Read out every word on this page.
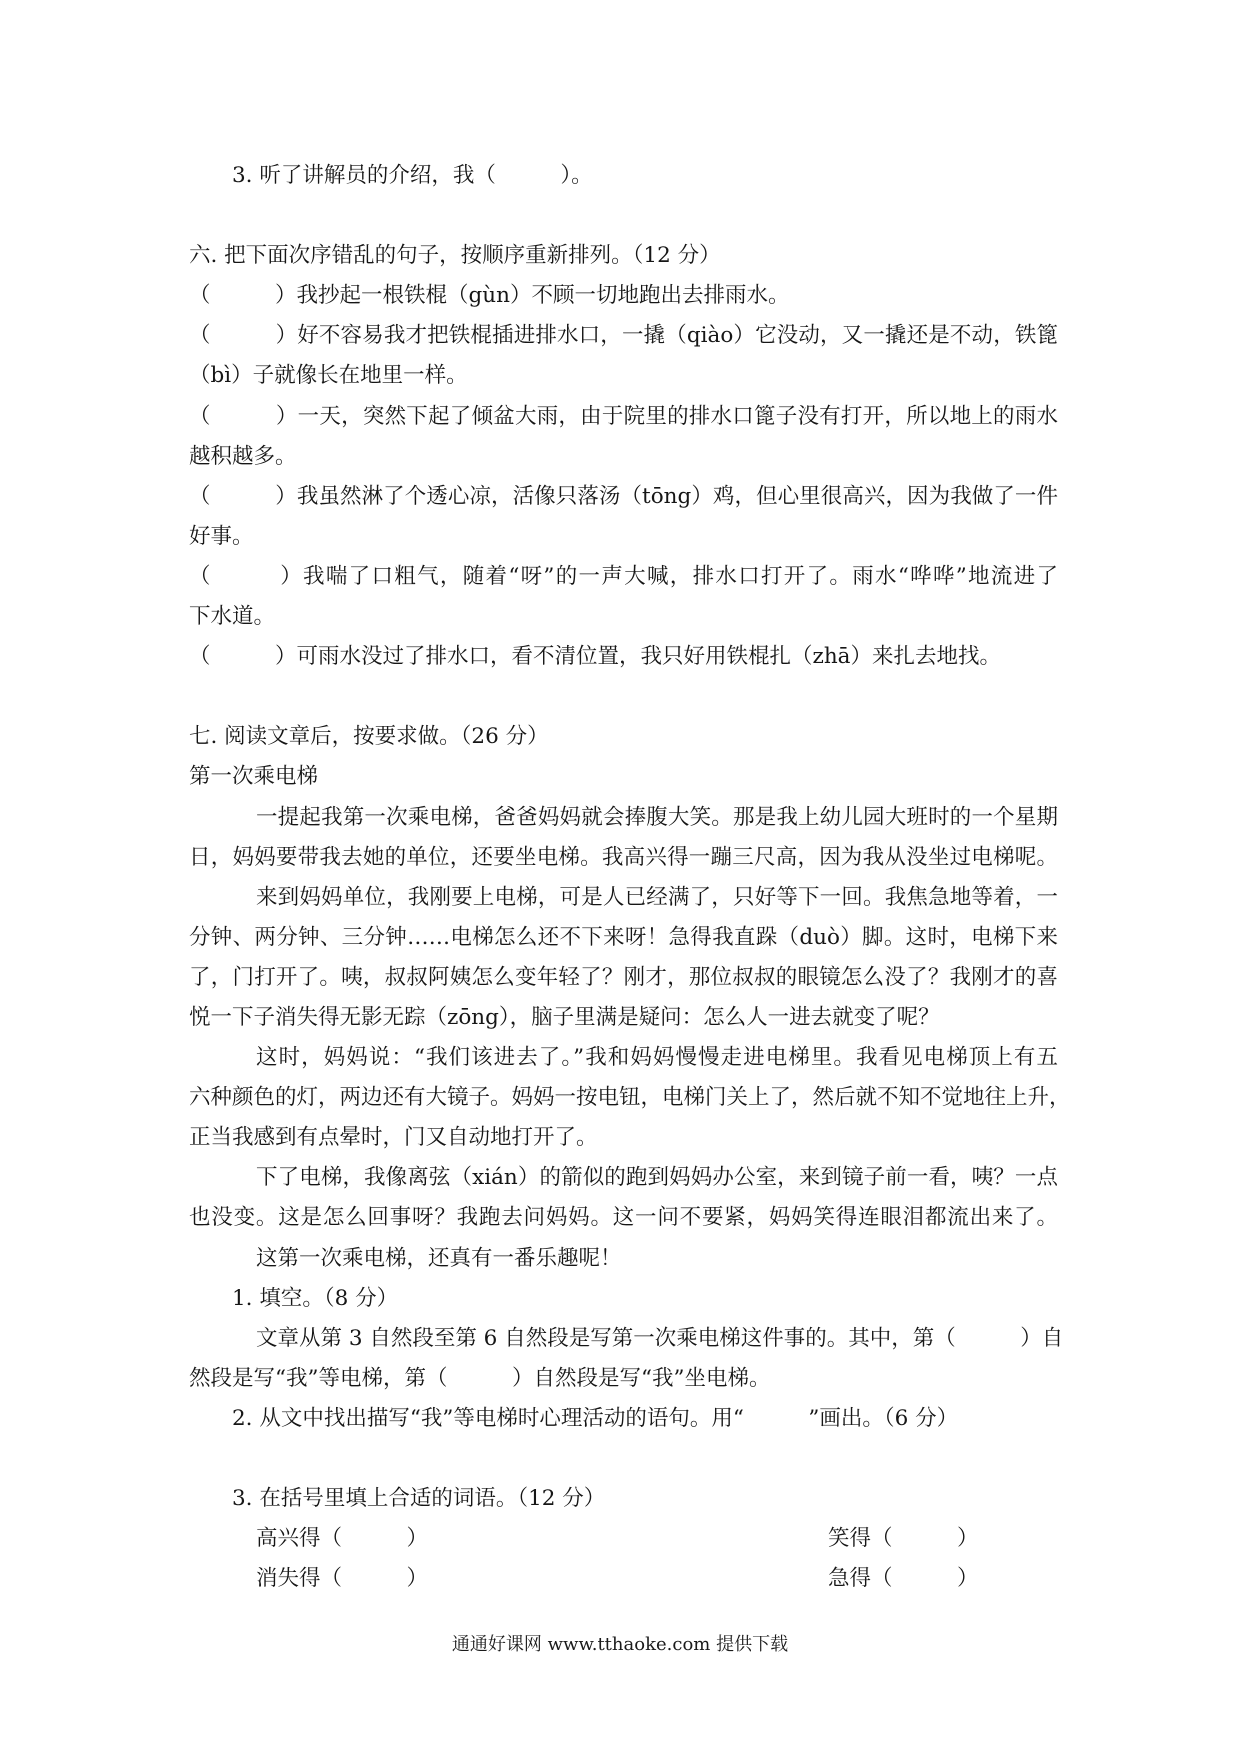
3. 听了讲解员的介绍，我（　　　）。
六. 把下面次序错乱的句子，按顺序重新排列。（12 分）
（　　　）我抄起一根铁棍（gùn）不顾一切地跑出去排雨水。
（　　　）好不容易我才把铁棍插进排水口，一撬（qiào）它没动，又一撬还是不动，铁篦
（bì）子就像长在地里一样。
（　　　）一天，突然下起了倾盆大雨，由于院里的排水口篦子没有打开，所以地上的雨水
越积越多。
（　　　）我虽然淋了个透心凉，活像只落汤（tōng）鸡，但心里很高兴，因为我做了一件
好事。
（　　　）我喘了口粗气，随着“呀”的一声大喊，排水口打开了。雨水“哗哗”地流进了
下水道。
（　　　）可雨水没过了排水口，看不清位置，我只好用铁棍扎（zhā）来扎去地找。
七. 阅读文章后，按要求做。（26 分）
第一次乘电梯
一提起我第一次乘电梯，爸爸妈妈就会捧腹大笑。那是我上幼儿园大班时的一个星期
日，妈妈要带我去她的单位，还要坐电梯。我高兴得一蹦三尺高，因为我从没坐过电梯呢。
来到妈妈单位，我刚要上电梯，可是人已经满了，只好等下一回。我焦急地等着，一
分钟、两分钟、三分钟……电梯怎么还不下来呀！急得我直跺（duò）脚。这时，电梯下来
了，门打开了。咦，叔叔阿姨怎么变年轻了？刚才，那位叔叔的眼镜怎么没了？我刚才的喜
悦一下子消失得无影无踪（zōng），脑子里满是疑问：怎么人一进去就变了呢？
这时，妈妈说：“我们该进去了。”我和妈妈慢慢走进电梯里。我看见电梯顶上有五
六种颜色的灯，两边还有大镜子。妈妈一按电钮，电梯门关上了，然后就不知不觉地往上升，
正当我感到有点晕时，门又自动地打开了。
下了电梯，我像离弦（xián）的箭似的跑到妈妈办公室，来到镜子前一看，咦？一点
也没变。这是怎么回事呀？我跑去问妈妈。这一问不要紧，妈妈笑得连眼泪都流出来了。
这第一次乘电梯，还真有一番乐趣呢！
1. 填空。（8 分）
文章从第 3 自然段至第 6 自然段是写第一次乘电梯这件事的。其中，第（　　　）自
然段是写“我”等电梯，第（　　　）自然段是写“我”坐电梯。
2. 从文中找出描写“我”等电梯时心理活动的语句。用“　　　”画出。（6 分）
3. 在括号里填上合适的词语。（12 分）
高兴得（　　　）	笑得（　　　）
消失得（　　　）	急得（　　　）
通通好课网 www.tthaoke.com 提供下载
